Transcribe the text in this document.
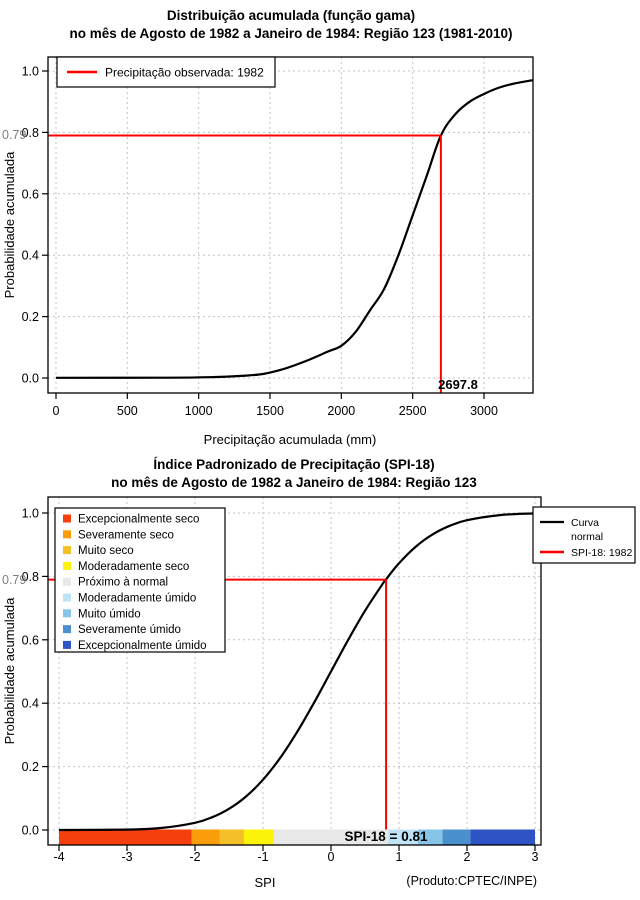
Distribuição acumulada (função gama)
no mês de Agosto de 1982 a Janeiro de 1984: Região 123 (1981-2010)
0	500	1000	1500	2000	2500	3000
0.0
0.2
0.4
0.6
0.8
1.0
Precipitação acumulada (mm)
Probabilidade acumulada
Precipitação observada: 1982
2697.8
0.79
Índice Padronizado de Precipitação (SPI-18)
no mês de Agosto de 1982 a Janeiro de 1984: Região 123
-4	-3	-2	-1	0	1	2	3
0.0
0.2
0.4
0.6
0.8
1.0
SPI
Probabilidade acumulada
(Produto:CPTEC/INPE)
Excepcionalmente seco
Severamente seco
Muito seco
Moderadamente seco
Próximo à normal
Moderadamente úmido
Muito úmido
Severamente úmido
Excepcionalmente úmido
Curva
normal
SPI-18: 1982
SPI-18 = 0.81
0.79
